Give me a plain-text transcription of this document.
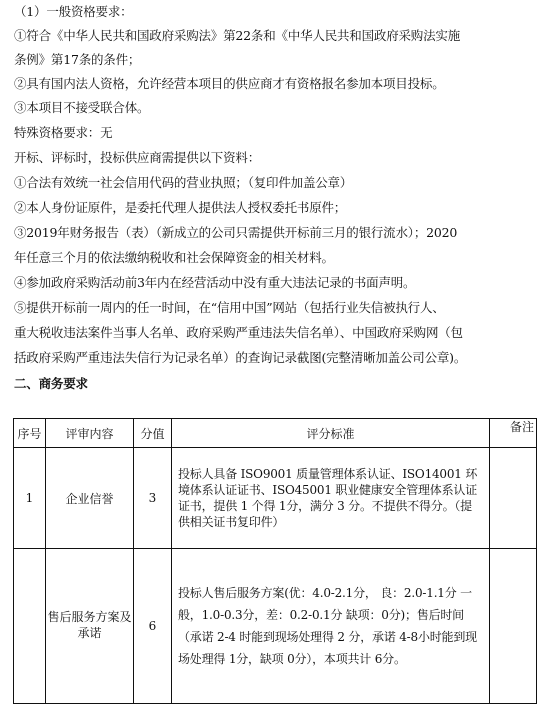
（1）一般资格要求：
①符合《中华人民共和国政府采购法》第22条和《中华人民共和国政府采购法实施
条例》第17条的条件；
②具有国内法人资格，允许经营本项目的供应商才有资格报名参加本项目投标。
③本项目不接受联合体。
特殊资格要求：无
开标、评标时，投标供应商需提供以下资料：
①合法有效统一社会信用代码的营业执照；（复印件加盖公章）
②本人身份证原件，是委托代理人提供法人授权委托书原件；
③2019年财务报告（表）（新成立的公司只需提供开标前三月的银行流水）；2020
年任意三个月的依法缴纳税收和社会保障资金的相关材料。
④参加政府采购活动前3年内在经营活动中没有重大违法记录的书面声明。
⑤提供开标前一周内的任一时间，在“信用中国”网站（包括行业失信被执行人、
重大税收违法案件当事人名单、政府采购严重违法失信名单）、中国政府采购网（包
括政府采购严重违法失信行为记录名单）的查询记录截图(完整清晰加盖公司公章)。
二、商务要求
序号	评审内容	分值	评分标准	备注
1	企业信誉	3	投标人具备 ISO9001 质量管理体系认证、ISO14001 环境体系认证证书、ISO45001 职业健康安全管理体系认证证书，提供 1 个得 1分，满分 3 分。不提供不得分。（提供相关证书复印件）	
	售后服务方案及承诺	6	投标人售后服务方案(优：4.0-2.1分， 良：2.0-1.1分 一般，1.0-0.3分，差：0.2-0.1分 缺项：0分)；售后时间（承诺 2-4 时能到现场处理得 2 分，承诺 4-8小时能到现场处理得 1分，缺项 0分），本项共计 6分。	
